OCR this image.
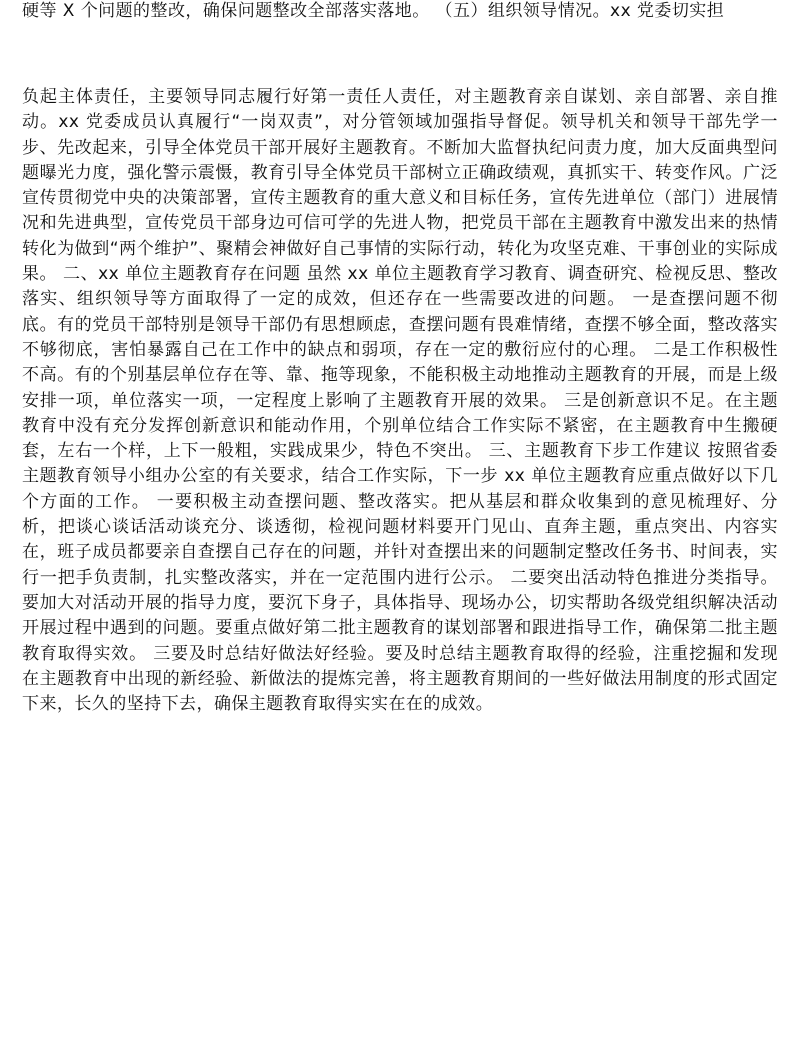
硬等 X 个问题的整改，确保问题整改全部落实落地。 （五）组织领导情况。xx 党委切实担

负起主体责任，主要领导同志履行好第一责任人责任，对主题教育亲自谋划、亲自部署、亲自推动。xx 党委成员认真履行“一岗双责”，对分管领域加强指导督促。领导机关和领导干部先学一步、先改起来，引导全体党员干部开展好主题教育。不断加大监督执纪问责力度，加大反面典型问题曝光力度，强化警示震慑，教育引导全体党员干部树立正确政绩观，真抓实干、转变作风。广泛宣传贯彻党中央的决策部署，宣传主题教育的重大意义和目标任务，宣传先进单位（部门）进展情况和先进典型，宣传党员干部身边可信可学的先进人物，把党员干部在主题教育中激发出来的热情转化为做到“两个维护”、聚精会神做好自己事情的实际行动，转化为攻坚克难、干事创业的实际成果。 二、xx 单位主题教育存在问题 虽然 xx 单位主题教育学习教育、调查研究、检视反思、整改落实、组织领导等方面取得了一定的成效，但还存在一些需要改进的问题。 一是查摆问题不彻底。有的党员干部特别是领导干部仍有思想顾虑，查摆问题有畏难情绪，查摆不够全面，整改落实不够彻底，害怕暴露自己在工作中的缺点和弱项，存在一定的敷衍应付的心理。 二是工作积极性不高。有的个别基层单位存在等、靠、拖等现象，不能积极主动地推动主题教育的开展，而是上级安排一项，单位落实一项，一定程度上影响了主题教育开展的效果。 三是创新意识不足。在主题教育中没有充分发挥创新意识和能动作用，个别单位结合工作实际不紧密，在主题教育中生搬硬套，左右一个样，上下一般粗，实践成果少，特色不突出。 三、主题教育下步工作建议 按照省委主题教育领导小组办公室的有关要求，结合工作实际，下一步 xx 单位主题教育应重点做好以下几个方面的工作。 一要积极主动查摆问题、整改落实。把从基层和群众收集到的意见梳理好、分析，把谈心谈话活动谈充分、谈透彻，检视问题材料要开门见山、直奔主题，重点突出、内容实在，班子成员都要亲自查摆自己存在的问题，并针对查摆出来的问题制定整改任务书、时间表，实行一把手负责制，扎实整改落实，并在一定范围内进行公示。 二要突出活动特色推进分类指导。要加大对活动开展的指导力度，要沉下身子，具体指导、现场办公，切实帮助各级党组织解决活动开展过程中遇到的问题。要重点做好第二批主题教育的谋划部署和跟进指导工作，确保第二批主题教育取得实效。 三要及时总结好做法好经验。要及时总结主题教育取得的经验，注重挖掘和发现在主题教育中出现的新经验、新做法的提炼完善，将主题教育期间的一些好做法用制度的形式固定下来，长久的坚持下去，确保主题教育取得实实在在的成效。
